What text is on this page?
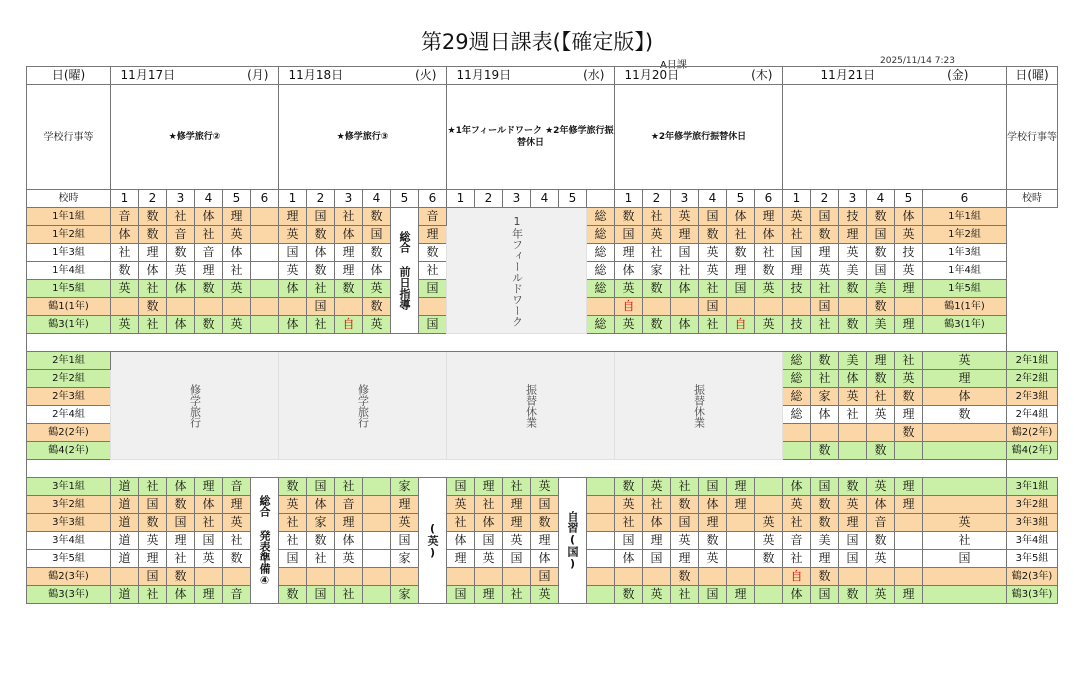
第29週日課表(【確定版】)
A日課	2025/11/14 7:23
日(曜)	11月17日　　　　　　(月)						11月18日　　　　　　(火)						11月19日　　　　　　(水)						11月20日　　　　　　(木)						11月21日　　　　　　(金)						日(曜)
学校行事等	★修学旅行②						★修学旅行③						★1年フィールドワーク ★2年修学旅行振替休日						★2年修学旅行振替休日												学校行事等
校時	1	2	3	4	5	6	1	2	3	4	5	6	1	2	3	4	5		1	2	3	4	5	6	1	2	3	4	5	6	校時
1年1組	音	数	社	体	理		理	国	社	数	総合 前日指導	音	1年フィールドワーク					総	数	社	英	国	体	理	英	国	技	数	体	1年1組	
1年2組	体	数	音	社	英		英	数	体	国		理						総	国	英	理	数	社	体	社	数	理	国	英	1年2組	
1年3組	社	理	数	音	体		国	体	理	数		数						総	理	社	国	英	数	社	国	理	英	数	技	1年3組	
1年4組	数	体	英	理	社		英	数	理	体		社						総	体	家	社	英	理	数	理	英	美	国	英	1年4組	
1年5組	英	社	体	数	英		体	社	数	英		国						総	英	数	体	社	国	英	技	社	数	美	理	1年5組	
鶴1(1年)		数						国		数									自			国				国		数		鶴1(1年)	
鶴3(1年)	英	社	体	数	英		体	社	自	英		国						総	英	数	体	社	自	英	技	社	数	美	理	鶴3(1年)	

2年1組	修学旅行						修学旅行						振替休業						振替休業						総	数	美	理	社	英	2年1組
2年2組																									総	社	体	数	英	理	2年2組
2年3組																									総	家	英	社	数	体	2年3組
2年4組																									総	体	社	英	理	数	2年4組
鶴2(2年)																													数		鶴2(2年)
鶴4(2年)																										数		数			鶴4(2年)

3年1組	道	社	体	理	音	総合 発表準備④	数	国	社		家	(英)	国	理	社	英	自習(国)		数	英	社	国	理		体	国	数	英	理		3年1組
3年2組	道	国	数	体	理		英	体	音		理		英	社	理	国			英	社	数	体	理		英	数	英	体	理		3年2組
3年3組	道	数	国	社	英		社	家	理		英		社	体	理	数			社	体	国	理		英	社	数	理	音		英	3年3組
3年4組	道	英	理	国	社		社	数	体		国		体	国	英	理			国	理	英	数		英	音	美	国	数		社	3年4組
3年5組	道	理	社	英	数		国	社	英		家		理	英	国	体			体	国	理	英		数	社	理	国	英		国	3年5組
鶴2(3年)		国	数													国					数				自	数					鶴2(3年)
鶴3(3年)	道	社	体	理	音		数	国	社		家		国	理	社	英			数	英	社	国	理		体	国	数	英	理		鶴3(3年)
